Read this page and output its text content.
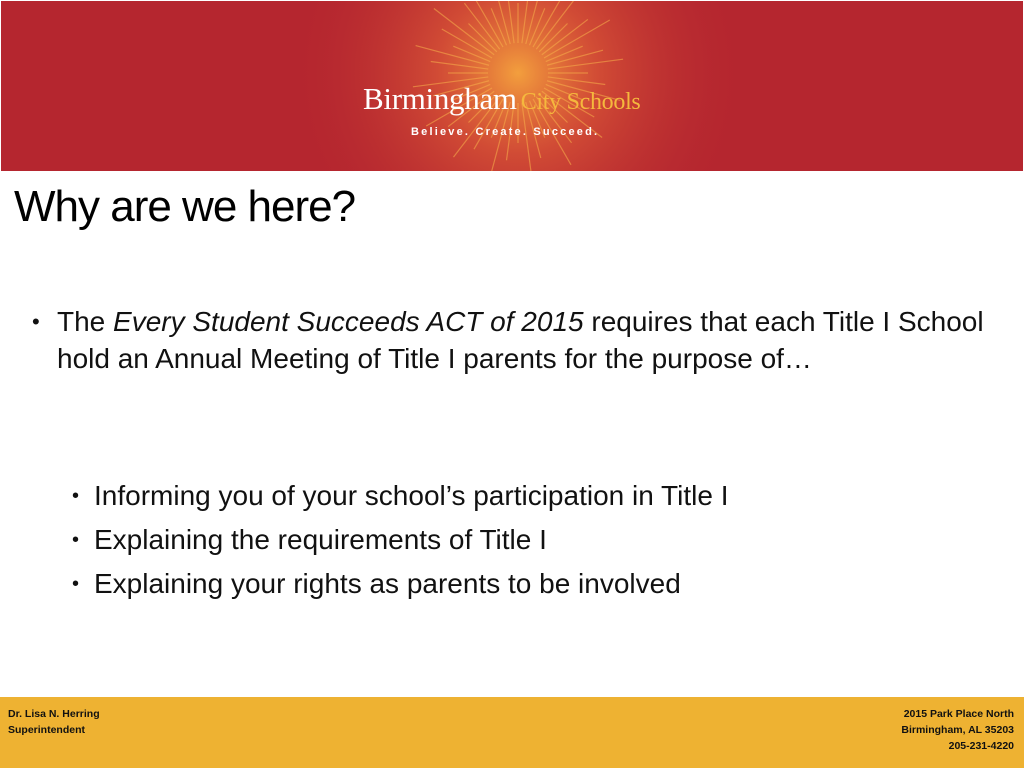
Birmingham City Schools
Believe. Create. Succeed.
Why are we here?
• The Every Student Succeeds ACT of 2015 requires that each Title I School hold an Annual Meeting of Title I parents for the purpose of…
• Informing you of your school’s participation in Title I
• Explaining the requirements of Title I
• Explaining your rights as parents to be involved
Dr. Lisa N. Herring
Superintendent
2015 Park Place North
Birmingham, AL 35203
205-231-4220
